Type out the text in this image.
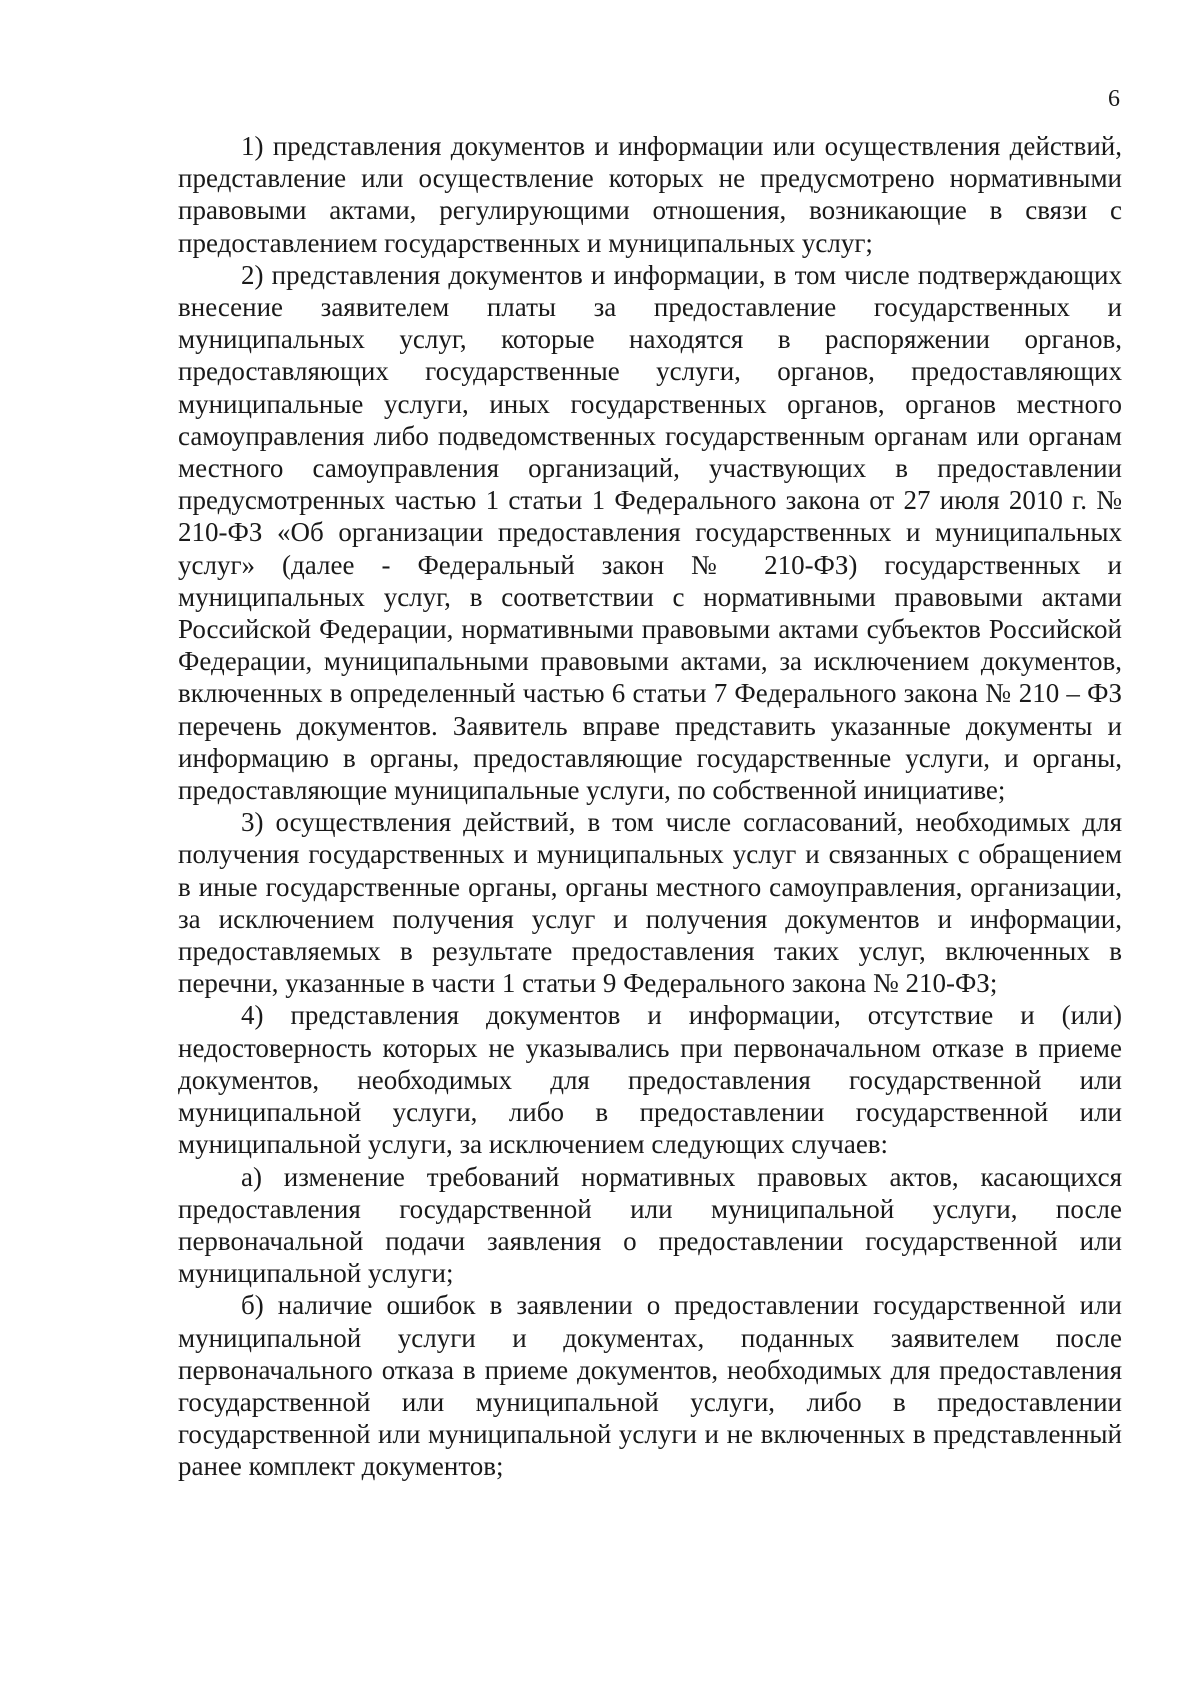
6

1) представления документов и информации или осуществления действий, представление или осуществление которых не предусмотрено нормативными правовыми актами, регулирующими отношения, возникающие в связи с предоставлением государственных и муниципальных услуг;

2) представления документов и информации, в том числе подтверждающих внесение заявителем платы за предоставление государственных и муниципальных услуг, которые находятся в распоряжении органов, предоставляющих государственные услуги, органов, предоставляющих муниципальные услуги, иных государственных органов, органов местного самоуправления либо подведомственных государственным органам или органам местного самоуправления организаций, участвующих в предоставлении предусмотренных частью 1 статьи 1 Федерального закона от 27 июля 2010 г. № 210-ФЗ «Об организации предоставления государственных и муниципальных услуг» (далее - Федеральный закон № 210-ФЗ) государственных и муниципальных услуг, в соответствии с нормативными правовыми актами Российской Федерации, нормативными правовыми актами субъектов Российской Федерации, муниципальными правовыми актами, за исключением документов, включенных в определенный частью 6 статьи 7 Федерального закона № 210 – ФЗ перечень документов. Заявитель вправе представить указанные документы и информацию в органы, предоставляющие государственные услуги, и органы, предоставляющие муниципальные услуги, по собственной инициативе;

3) осуществления действий, в том числе согласований, необходимых для получения государственных и муниципальных услуг и связанных с обращением в иные государственные органы, органы местного самоуправления, организации, за исключением получения услуг и получения документов и информации, предоставляемых в результате предоставления таких услуг, включенных в перечни, указанные в части 1 статьи 9 Федерального закона № 210-ФЗ;

4) представления документов и информации, отсутствие и (или) недостоверность которых не указывались при первоначальном отказе в приеме документов, необходимых для предоставления государственной или муниципальной услуги, либо в предоставлении государственной или муниципальной услуги, за исключением следующих случаев:

а) изменение требований нормативных правовых актов, касающихся предоставления государственной или муниципальной услуги, после первоначальной подачи заявления о предоставлении государственной или муниципальной услуги;

б) наличие ошибок в заявлении о предоставлении государственной или муниципальной услуги и документах, поданных заявителем после первоначального отказа в приеме документов, необходимых для предоставления государственной или муниципальной услуги, либо в предоставлении государственной или муниципальной услуги и не включенных в представленный ранее комплект документов;
